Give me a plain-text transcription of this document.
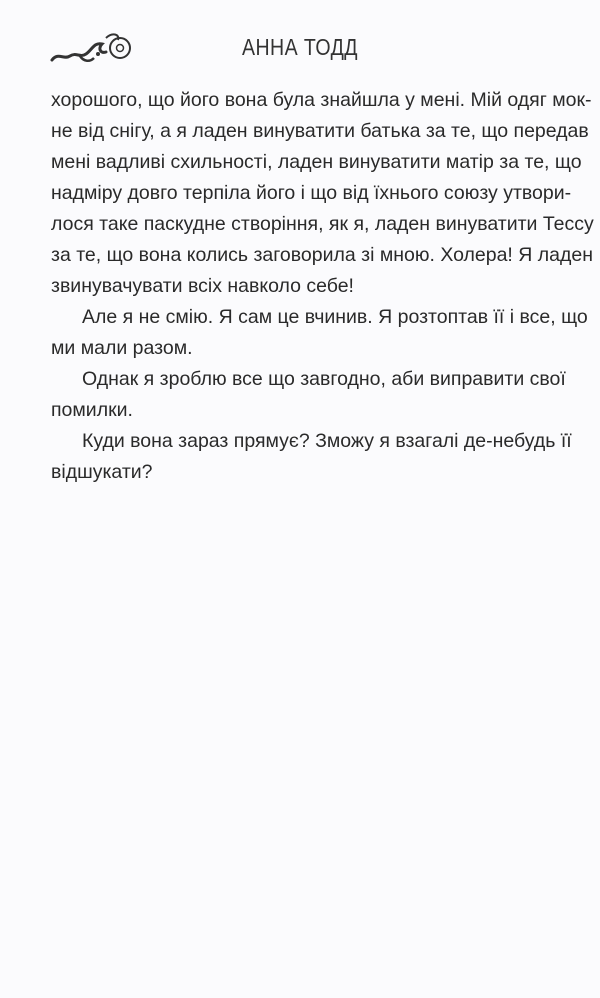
АННА ТОДД
хорошого, що його вона була знайшла у мені. Мій одяг мок-
не від снігу, а я ладен винуватити батька за те, що передав
мені вадливі схильності, ладен винуватити матір за те, що
надміру довго терпіла його і що від їхнього союзу утвори-
лося таке паскудне створіння, як я, ладен винуватити Тессу
за те, що вона колись заговорила зі мною. Холера! Я ладен
звинувачувати всіх навколо себе!
Але я не смію. Я сам це вчинив. Я розтоптав її і все, що
ми мали разом.
Однак я зроблю все що завгодно, аби виправити свої
помилки.
Куди вона зараз прямує? Зможу я взагалі де-небудь її
відшукати?
